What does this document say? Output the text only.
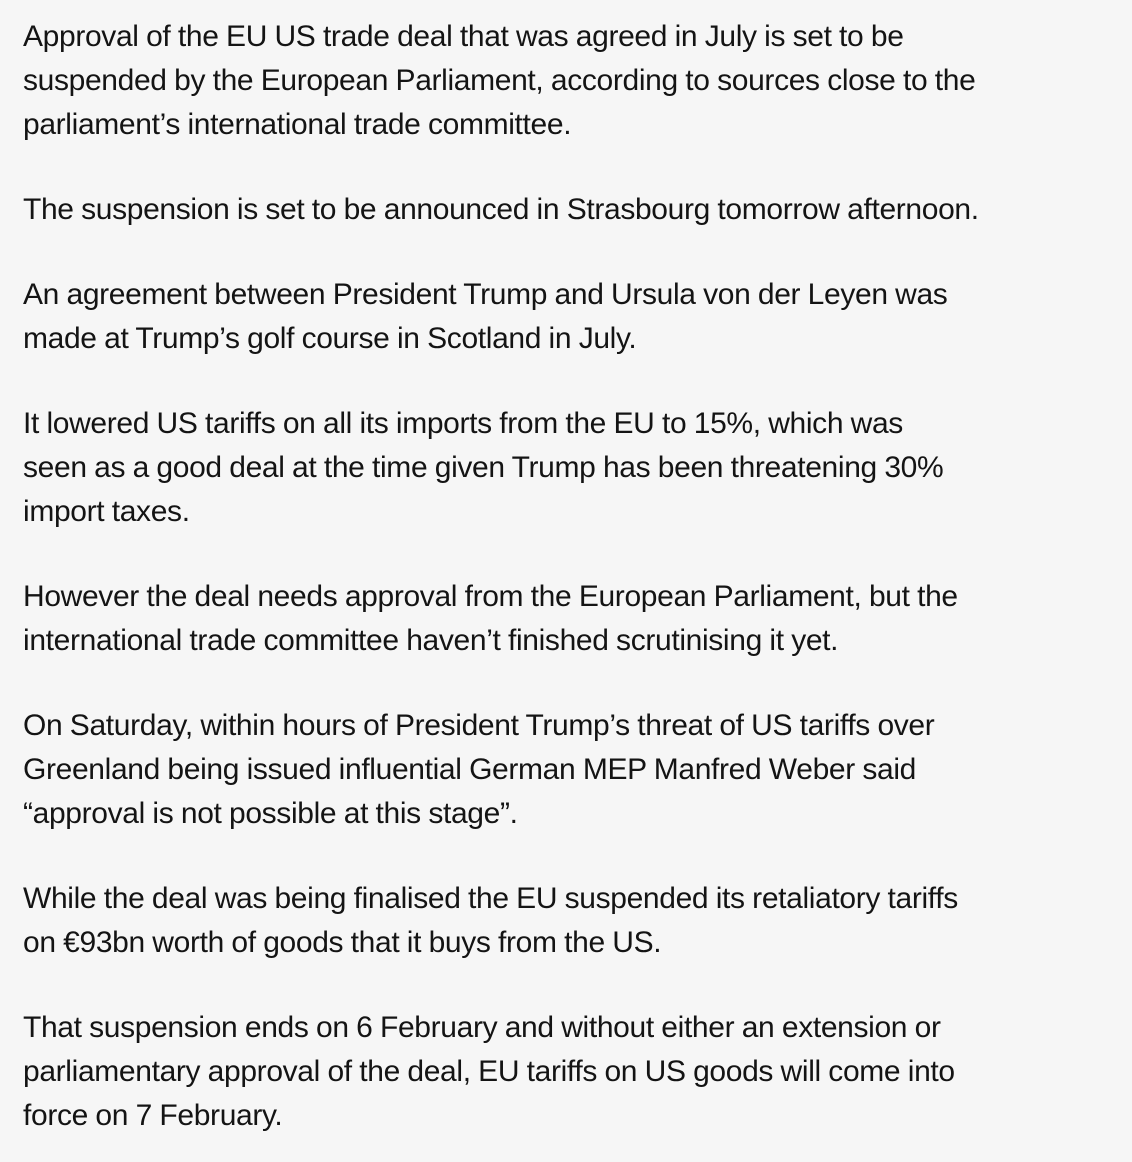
Approval of the EU US trade deal that was agreed in July is set to be
suspended by the European Parliament, according to sources close to the
parliament’s international trade committee.

The suspension is set to be announced in Strasbourg tomorrow afternoon.

An agreement between President Trump and Ursula von der Leyen was
made at Trump’s golf course in Scotland in July.

It lowered US tariffs on all its imports from the EU to 15%, which was
seen as a good deal at the time given Trump has been threatening 30%
import taxes.

However the deal needs approval from the European Parliament, but the
international trade committee haven’t finished scrutinising it yet.

On Saturday, within hours of President Trump’s threat of US tariffs over
Greenland being issued influential German MEP Manfred Weber said
“approval is not possible at this stage”.

While the deal was being finalised the EU suspended its retaliatory tariffs
on €93bn worth of goods that it buys from the US.

That suspension ends on 6 February and without either an extension or
parliamentary approval of the deal, EU tariffs on US goods will come into
force on 7 February.
